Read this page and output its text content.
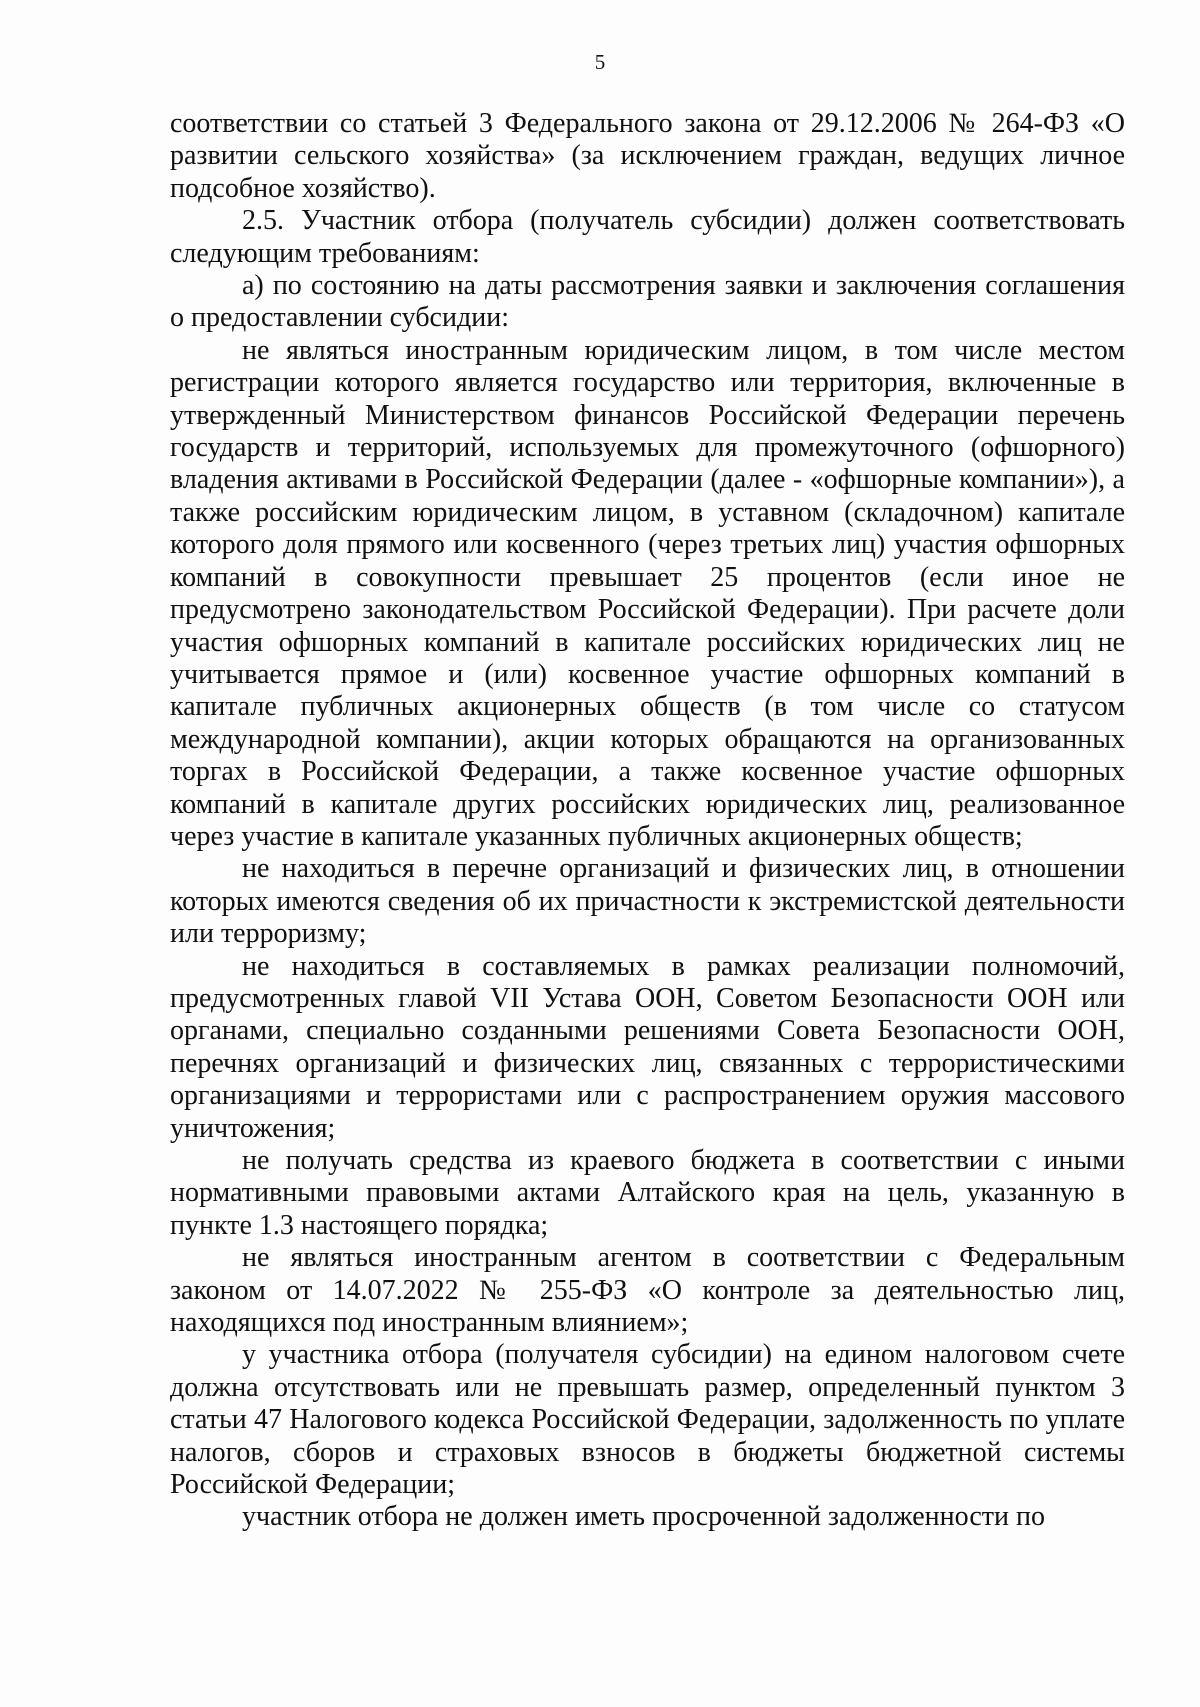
5

соответствии со статьей 3 Федерального закона от 29.12.2006 № 264-ФЗ «О развитии сельского хозяйства» (за исключением граждан, ведущих личное подсобное хозяйство).

2.5. Участник отбора (получатель субсидии) должен соответствовать следующим требованиям:

а) по состоянию на даты рассмотрения заявки и заключения соглашения о предоставлении субсидии:

не являться иностранным юридическим лицом, в том числе местом регистрации которого является государство или территория, включенные в утвержденный Министерством финансов Российской Федерации перечень государств и территорий, используемых для промежуточного (офшорного) владения активами в Российской Федерации (далее - «офшорные компании»), а также российским юридическим лицом, в уставном (складочном) капитале которого доля прямого или косвенного (через третьих лиц) участия офшорных компаний в совокупности превышает 25 процентов (если иное не предусмотрено законодательством Российской Федерации). При расчете доли участия офшорных компаний в капитале российских юридических лиц не учитывается прямое и (или) косвенное участие офшорных компаний в капитале публичных акционерных обществ (в том числе со статусом международной компании), акции которых обращаются на организованных торгах в Российской Федерации, а также косвенное участие офшорных компаний в капитале других российских юридических лиц, реализованное через участие в капитале указанных публичных акционерных обществ;

не находиться в перечне организаций и физических лиц, в отношении которых имеются сведения об их причастности к экстремистской деятельности или терроризму;

не находиться в составляемых в рамках реализации полномочий, предусмотренных главой VII Устава ООН, Советом Безопасности ООН или органами, специально созданными решениями Совета Безопасности ООН, перечнях организаций и физических лиц, связанных с террористическими организациями и террористами или с распространением оружия массового уничтожения;

не получать средства из краевого бюджета в соответствии с иными нормативными правовыми актами Алтайского края на цель, указанную в пункте 1.3 настоящего порядка;

не являться иностранным агентом в соответствии с Федеральным законом от 14.07.2022 № 255-ФЗ «О контроле за деятельностью лиц, находящихся под иностранным влиянием»;

у участника отбора (получателя субсидии) на едином налоговом счете должна отсутствовать или не превышать размер, определенный пунктом 3 статьи 47 Налогового кодекса Российской Федерации, задолженность по уплате налогов, сборов и страховых взносов в бюджеты бюджетной системы Российской Федерации;

участник отбора не должен иметь просроченной задолженности по
